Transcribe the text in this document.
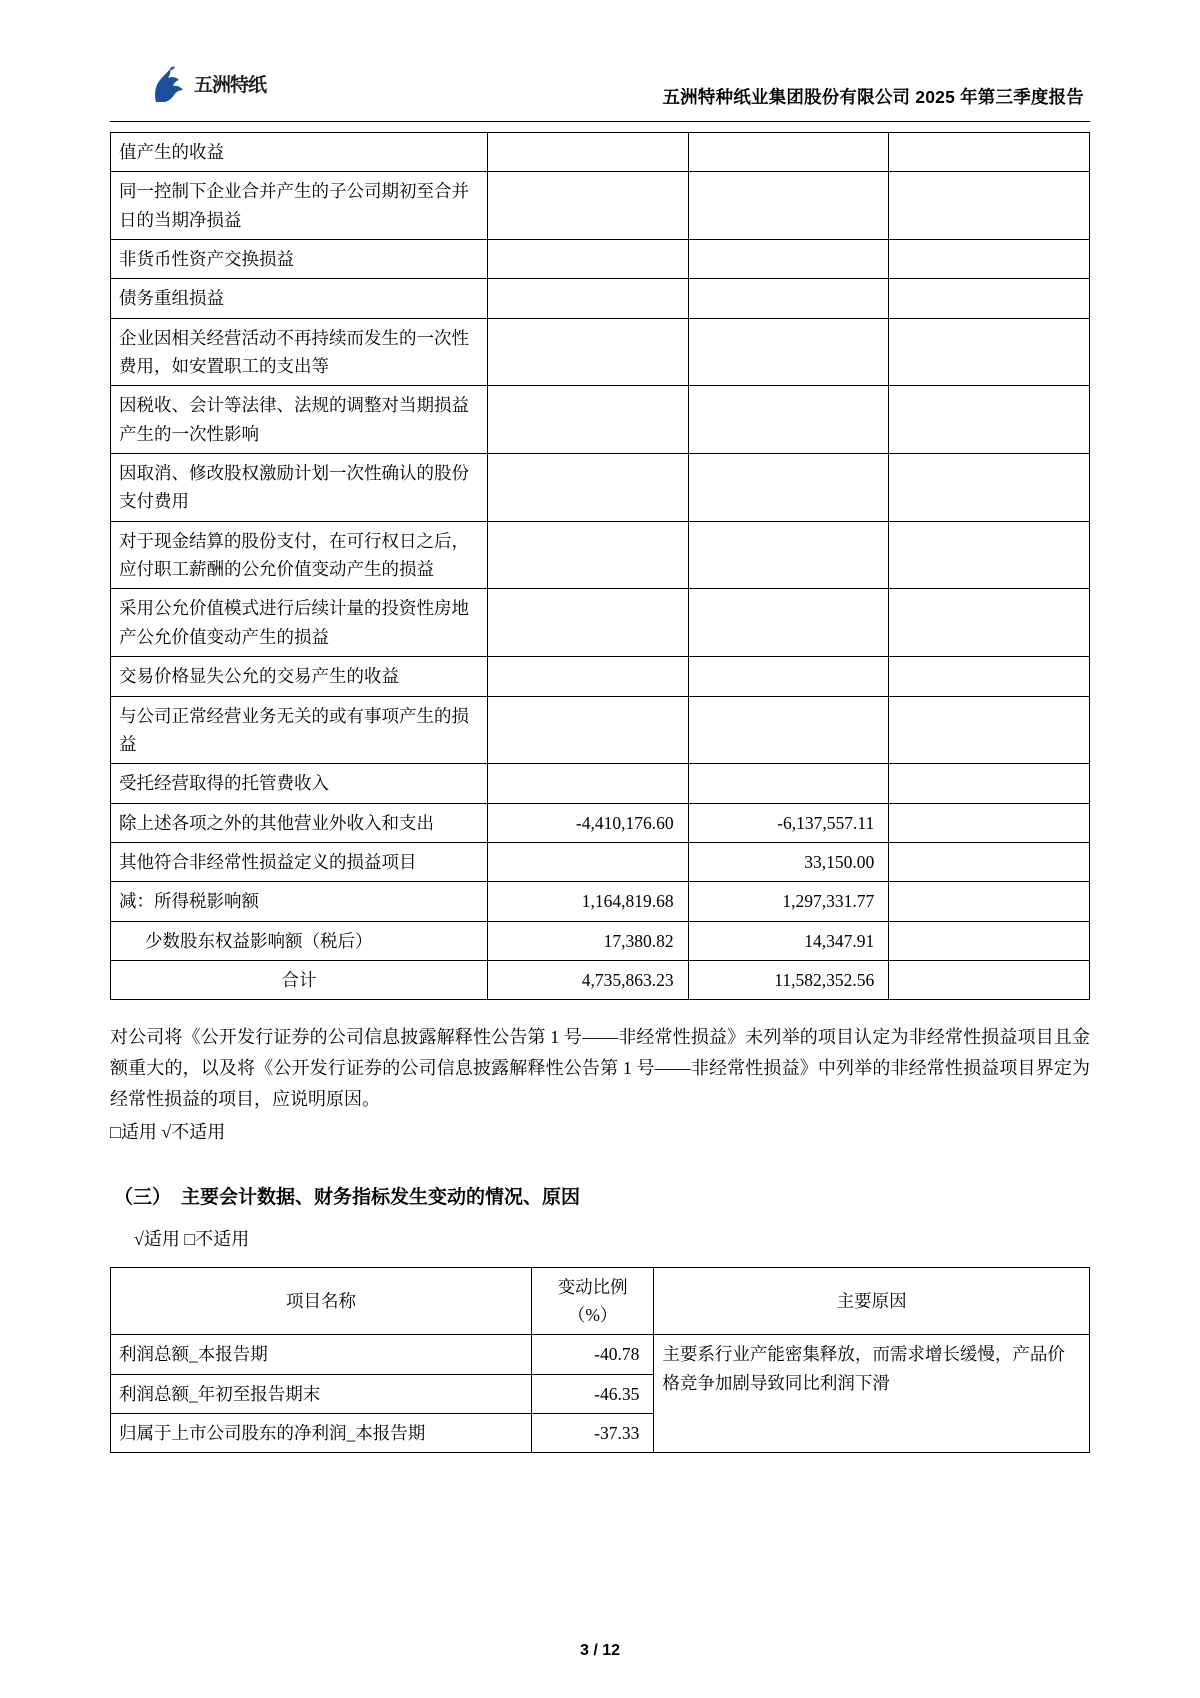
五洲特纸
五洲特种纸业集团股份有限公司 2025 年第三季度报告
值产生的收益			
同一控制下企业合并产生的子公司期初至合并日的当期净损益			
非货币性资产交换损益			
债务重组损益			
企业因相关经营活动不再持续而发生的一次性费用，如安置职工的支出等			
因税收、会计等法律、法规的调整对当期损益产生的一次性影响			
因取消、修改股权激励计划一次性确认的股份支付费用			
对于现金结算的股份支付，在可行权日之后，应付职工薪酬的公允价值变动产生的损益			
采用公允价值模式进行后续计量的投资性房地产公允价值变动产生的损益			
交易价格显失公允的交易产生的收益			
与公司正常经营业务无关的或有事项产生的损益			
受托经营取得的托管费收入			
除上述各项之外的其他营业外收入和支出	-4,410,176.60	-6,137,557.11	
其他符合非经常性损益定义的损益项目		33,150.00	
减：所得税影响额	1,164,819.68	1,297,331.77	
少数股东权益影响额（税后）	17,380.82	14,347.91	
合计	4,735,863.23	11,582,352.56	
对公司将《公开发行证券的公司信息披露解释性公告第 1 号——非经常性损益》未列举的项目认定为非经常性损益项目且金额重大的，以及将《公开发行证券的公司信息披露解释性公告第 1 号——非经常性损益》中列举的非经常性损益项目界定为经常性损益的项目，应说明原因。
□适用 √不适用
（三） 主要会计数据、财务指标发生变动的情况、原因
√适用 □不适用
项目名称	变动比例（%）	主要原因
利润总额_本报告期	-40.78	主要系行业产能密集释放，而需求增长缓慢，产品价格竞争加剧导致同比利润下滑
利润总额_年初至报告期末	-46.35	
归属于上市公司股东的净利润_本报告期	-37.33	
3 / 12
